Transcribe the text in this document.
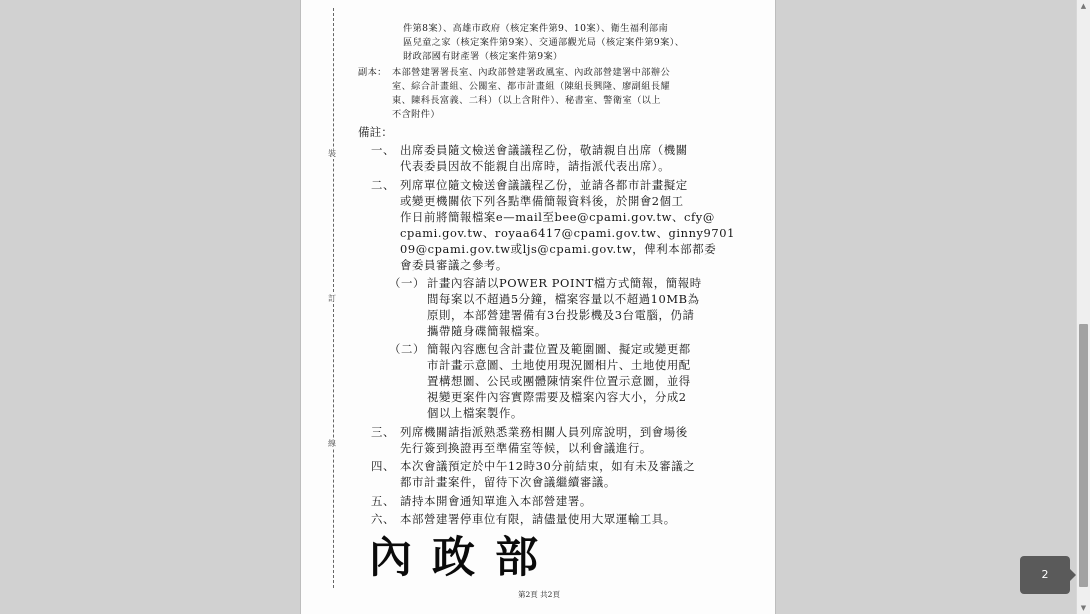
裝
訂
線
件第8案）、高雄市政府（核定案件第9、10案）、衛生福利部南
區兒童之家（核定案件第9案）、交通部觀光局（核定案件第9案）、
財政部國有財產署（核定案件第9案）
副本： 本部營建署署長室、內政部營建署政風室、內政部營建署中部辦公
室、綜合計畫組、公關室、都市計畫組（陳組長興隆、廖副組長耀
東、陳科長富義、二科）（以上含附件）、秘書室、警衛室（以上
不含附件）
備註：
一、 出席委員隨文檢送會議議程乙份，敬請親自出席（機關
代表委員因故不能親自出席時，請指派代表出席）。
二、 列席單位隨文檢送會議議程乙份，並請各都市計畫擬定
或變更機關依下列各點準備簡報資料後，於開會2個工
作日前將簡報檔案e—mail至bee@cpami.gov.tw、cfy@
cpami.gov.tw、royaa6417@cpami.gov.tw、ginny9701
09@cpami.gov.tw或ljs@cpami.gov.tw，俾利本部都委
會委員審議之參考。
（一） 計畫內容請以POWER POINT檔方式簡報，簡報時
間每案以不超過5分鐘，檔案容量以不超過10MB為
原則，本部營建署備有3台投影機及3台電腦，仍請
攜帶隨身碟簡報檔案。
（二） 簡報內容應包含計畫位置及範圍圖、擬定或變更都
市計畫示意圖、土地使用現況圖相片、土地使用配
置構想圖、公民或團體陳情案件位置示意圖，並得
視變更案件內容實際需要及檔案內容大小，分成2
個以上檔案製作。
三、 列席機關請指派熟悉業務相關人員列席說明，到會場後
先行簽到換證再至準備室等候，以利會議進行。
四、 本次會議預定於中午12時30分前結束，如有未及審議之
都市計畫案件，留待下次會議繼續審議。
五、 請持本開會通知單進入本部營建署。
六、 本部營建署停車位有限，請儘量使用大眾運輸工具。
內政部
第2頁 共2頁
▲
▼
2
